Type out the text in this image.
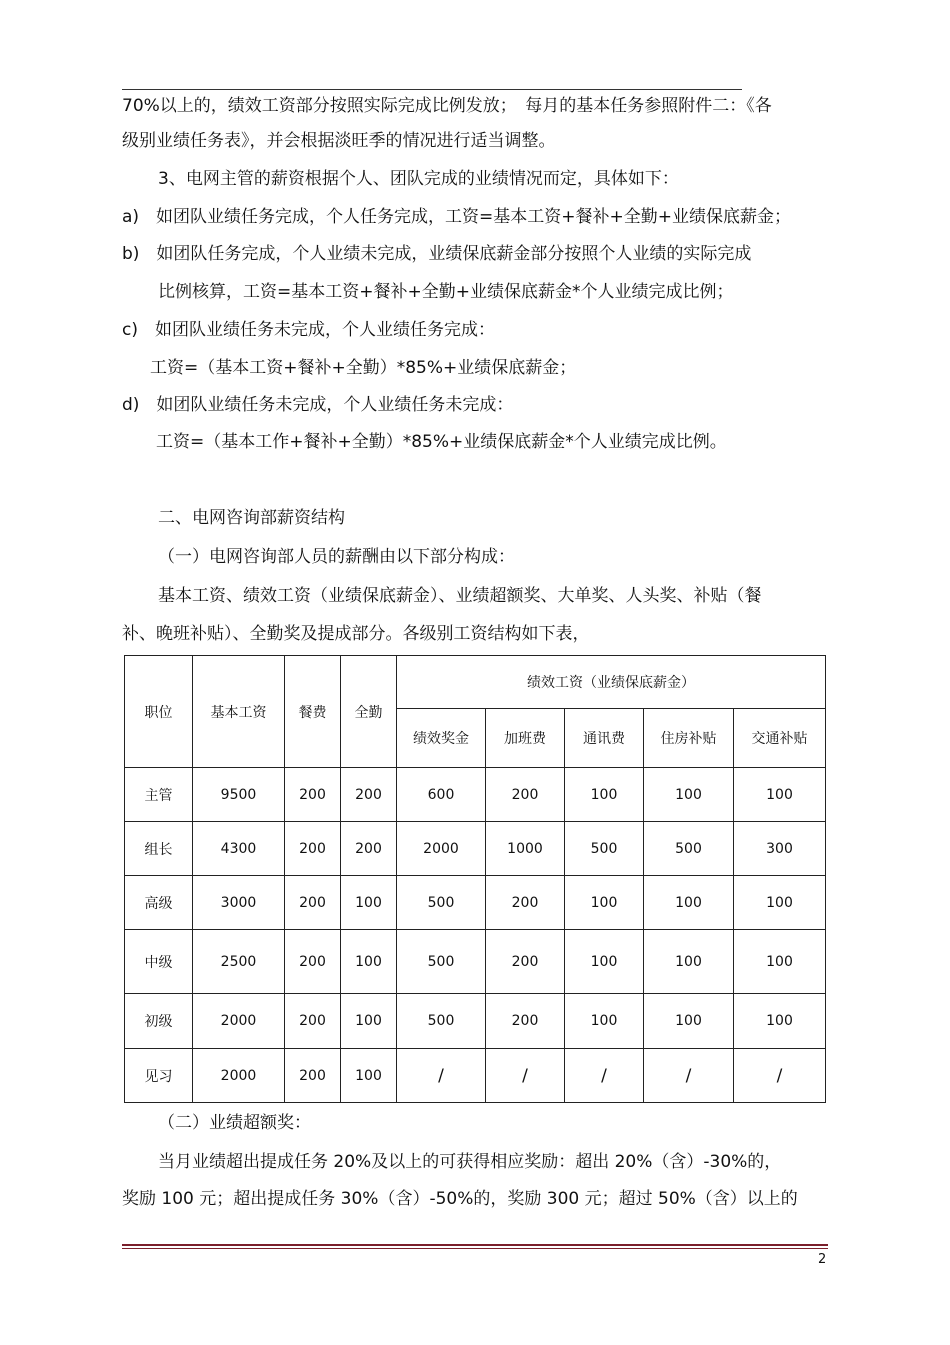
70%以上的，绩效工资部分按照实际完成比例发放；　每月的基本任务参照附件二：《各
级别业绩任务表》，并会根据淡旺季的情况进行适当调整。
3、电网主管的薪资根据个人、团队完成的业绩情况而定，具体如下：
a)　如团队业绩任务完成，个人任务完成，工资=基本工资+餐补+全勤+业绩保底薪金；
b)　如团队任务完成，个人业绩未完成，业绩保底薪金部分按照个人业绩的实际完成
比例核算，工资=基本工资+餐补+全勤+业绩保底薪金*个人业绩完成比例；
c)　如团队业绩任务未完成，个人业绩任务完成：
工资=（基本工资+餐补+全勤）*85%+业绩保底薪金；
d)　如团队业绩任务未完成，个人业绩任务未完成：
工资=（基本工作+餐补+全勤）*85%+业绩保底薪金*个人业绩完成比例。
二、电网咨询部薪资结构
（一）电网咨询部人员的薪酬由以下部分构成：
基本工资、绩效工资（业绩保底薪金）、业绩超额奖、大单奖、人头奖、补贴（餐
补、晚班补贴）、全勤奖及提成部分。各级别工资结构如下表，
职位	基本工资	餐费	全勤	绩效工资（业绩保底薪金）				
				绩效奖金	加班费	通讯费	住房补贴	交通补贴
主管	9500	200	200	600	200	100	100	100
组长	4300	200	200	2000	1000	500	500	300
高级	3000	200	100	500	200	100	100	100
中级	2500	200	100	500	200	100	100	100
初级	2000	200	100	500	200	100	100	100
见习	2000	200	100	/	/	/	/	/
（二）业绩超额奖：
当月业绩超出提成任务 20%及以上的可获得相应奖励：超出 20%（含）-30%的，
奖励 100 元；超出提成任务 30%（含）-50%的，奖励 300 元；超过 50%（含）以上的
2
